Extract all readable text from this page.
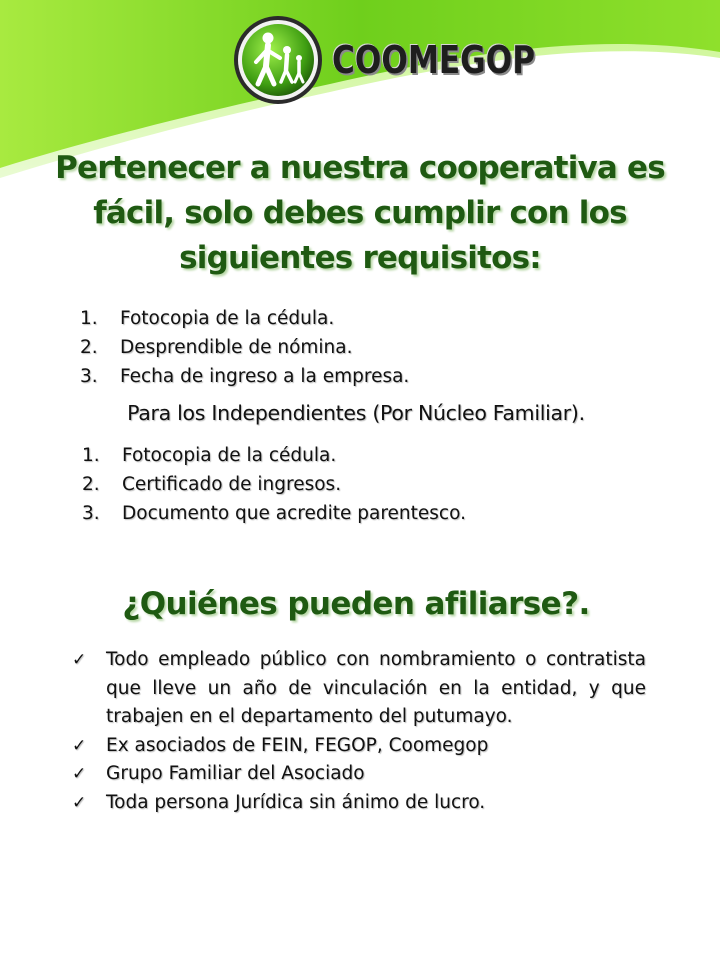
COOMEGOP
Pertenecer a nuestra cooperativa es fácil, solo debes cumplir con los siguientes requisitos:
1.	Fotocopia de la cédula.
2.	Desprendible de nómina.
3.	Fecha de ingreso a la empresa.
Para los Independientes (Por Núcleo Familiar).
1.	Fotocopia de la cédula.
2.	Certificado de ingresos.
3.	Documento que acredite parentesco.
¿Quiénes pueden afiliarse?.
✓ Todo empleado público con nombramiento o contratista que lleve un año de vinculación en la entidad, y que trabajen en el departamento del putumayo.
✓ Ex asociados de FEIN, FEGOP, Coomegop
✓ Grupo Familiar del Asociado
✓ Toda persona Jurídica sin ánimo de lucro.
